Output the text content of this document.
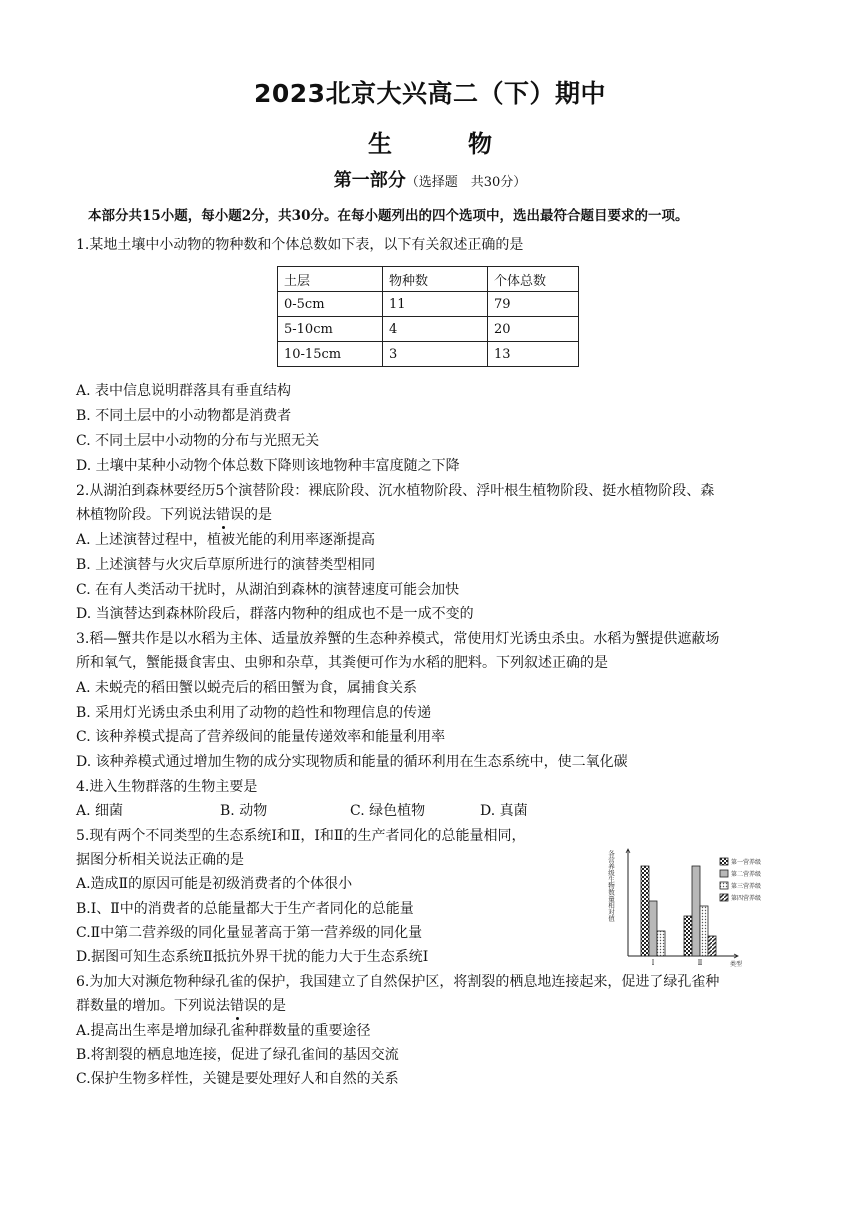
2023北京大兴高二（下）期中
生	物
第一部分（选择题　共30分）
本部分共15小题，每小题2分，共30分。在每小题列出的四个选项中，选出最符合题目要求的一项。
1.某地土壤中小动物的物种数和个体总数如下表，以下有关叙述正确的是
土层	物种数	个体总数
0-5cm	11	79
5-10cm	4	20
10-15cm	3	13
A. 表中信息说明群落具有垂直结构
B. 不同土层中的小动物都是消费者
C. 不同土层中小动物的分布与光照无关
D. 土壤中某种小动物个体总数下降则该地物种丰富度随之下降
2.从湖泊到森林要经历5个演替阶段：裸底阶段、沉水植物阶段、浮叶根生植物阶段、挺水植物阶段、森
林植物阶段。下列说法错误的是
A. 上述演替过程中，植被光能的利用率逐渐提高
B. 上述演替与火灾后草原所进行的演替类型相同
C. 在有人类活动干扰时，从湖泊到森林的演替速度可能会加快
D. 当演替达到森林阶段后，群落内物种的组成也不是一成不变的
3.稻—蟹共作是以水稻为主体、适量放养蟹的生态种养模式，常使用灯光诱虫杀虫。水稻为蟹提供遮蔽场
所和氧气，蟹能摄食害虫、虫卵和杂草，其粪便可作为水稻的肥料。下列叙述正确的是
A. 未蜕壳的稻田蟹以蜕壳后的稻田蟹为食，属捕食关系
B. 采用灯光诱虫杀虫利用了动物的趋性和物理信息的传递
C. 该种养模式提高了营养级间的能量传递效率和能量利用率
D. 该种养模式通过增加生物的成分实现物质和能量的循环利用在生态系统中，使二氧化碳
4.进入生物群落的生物主要是
A. 细菌	B. 动物	C. 绿色植物	D. 真菌
5.现有两个不同类型的生态系统Ⅰ和Ⅱ，Ⅰ和Ⅱ的生产者同化的总能量相同，
据图分析相关说法正确的是
A.造成Ⅱ的原因可能是初级消费者的个体很小
B.Ⅰ、Ⅱ中的消费者的总能量都大于生产者同化的总能量
C.Ⅱ中第二营养级的同化量显著高于第一营养级的同化量
D.据图可知生态系统Ⅱ抵抗外界干扰的能力大于生态系统Ⅰ	Ⅰ	Ⅱ	类型
第一营养级
第二营养级
第三营养级
第四营养级
各营养级生物数量相对值
6.为加大对濒危物种绿孔雀的保护，我国建立了自然保护区，将割裂的栖息地连接起来，促进了绿孔雀种
群数量的增加。下列说法错误的是
A.提高出生率是增加绿孔雀种群数量的重要途径
B.将割裂的栖息地连接，促进了绿孔雀间的基因交流
C.保护生物多样性，关键是要处理好人和自然的关系
